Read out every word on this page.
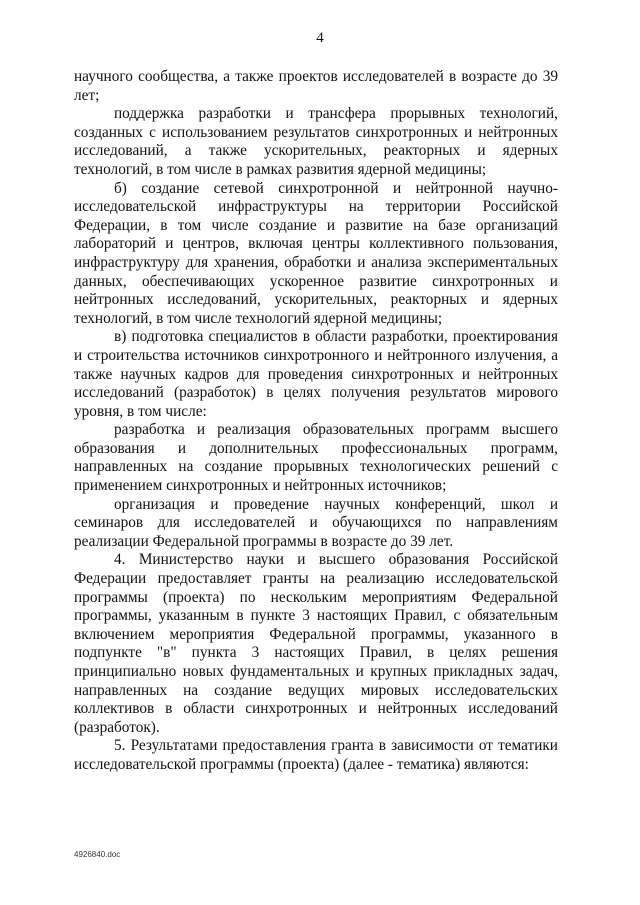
4

научного сообщества, а также проектов исследователей в возрасте до 39 лет;

поддержка разработки и трансфера прорывных технологий, созданных с использованием результатов синхротронных и нейтронных исследований, а также ускорительных, реакторных и ядерных технологий, в том числе в рамках развития ядерной медицины;

б) создание сетевой синхротронной и нейтронной научно-исследовательской инфраструктуры на территории Российской Федерации, в том числе создание и развитие на базе организаций лабораторий и центров, включая центры коллективного пользования, инфраструктуру для хранения, обработки и анализа экспериментальных данных, обеспечивающих ускоренное развитие синхротронных и нейтронных исследований, ускорительных, реакторных и ядерных технологий, в том числе технологий ядерной медицины;

в) подготовка специалистов в области разработки, проектирования и строительства источников синхротронного и нейтронного излучения, а также научных кадров для проведения синхротронных и нейтронных исследований (разработок) в целях получения результатов мирового уровня, в том числе:

разработка и реализация образовательных программ высшего образования и дополнительных профессиональных программ, направленных на создание прорывных технологических решений с применением синхротронных и нейтронных источников;

организация и проведение научных конференций, школ и семинаров для исследователей и обучающихся по направлениям реализации Федеральной программы в возрасте до 39 лет.

4. Министерство науки и высшего образования Российской Федерации предоставляет гранты на реализацию исследовательской программы (проекта) по нескольким мероприятиям Федеральной программы, указанным в пункте 3 настоящих Правил, с обязательным включением мероприятия Федеральной программы, указанного в подпункте "в" пункта 3 настоящих Правил, в целях решения принципиально новых фундаментальных и крупных прикладных задач, направленных на создание ведущих мировых исследовательских коллективов в области синхротронных и нейтронных исследований (разработок).

5. Результатами предоставления гранта в зависимости от тематики исследовательской программы (проекта) (далее - тематика) являются:

4926840.doc
